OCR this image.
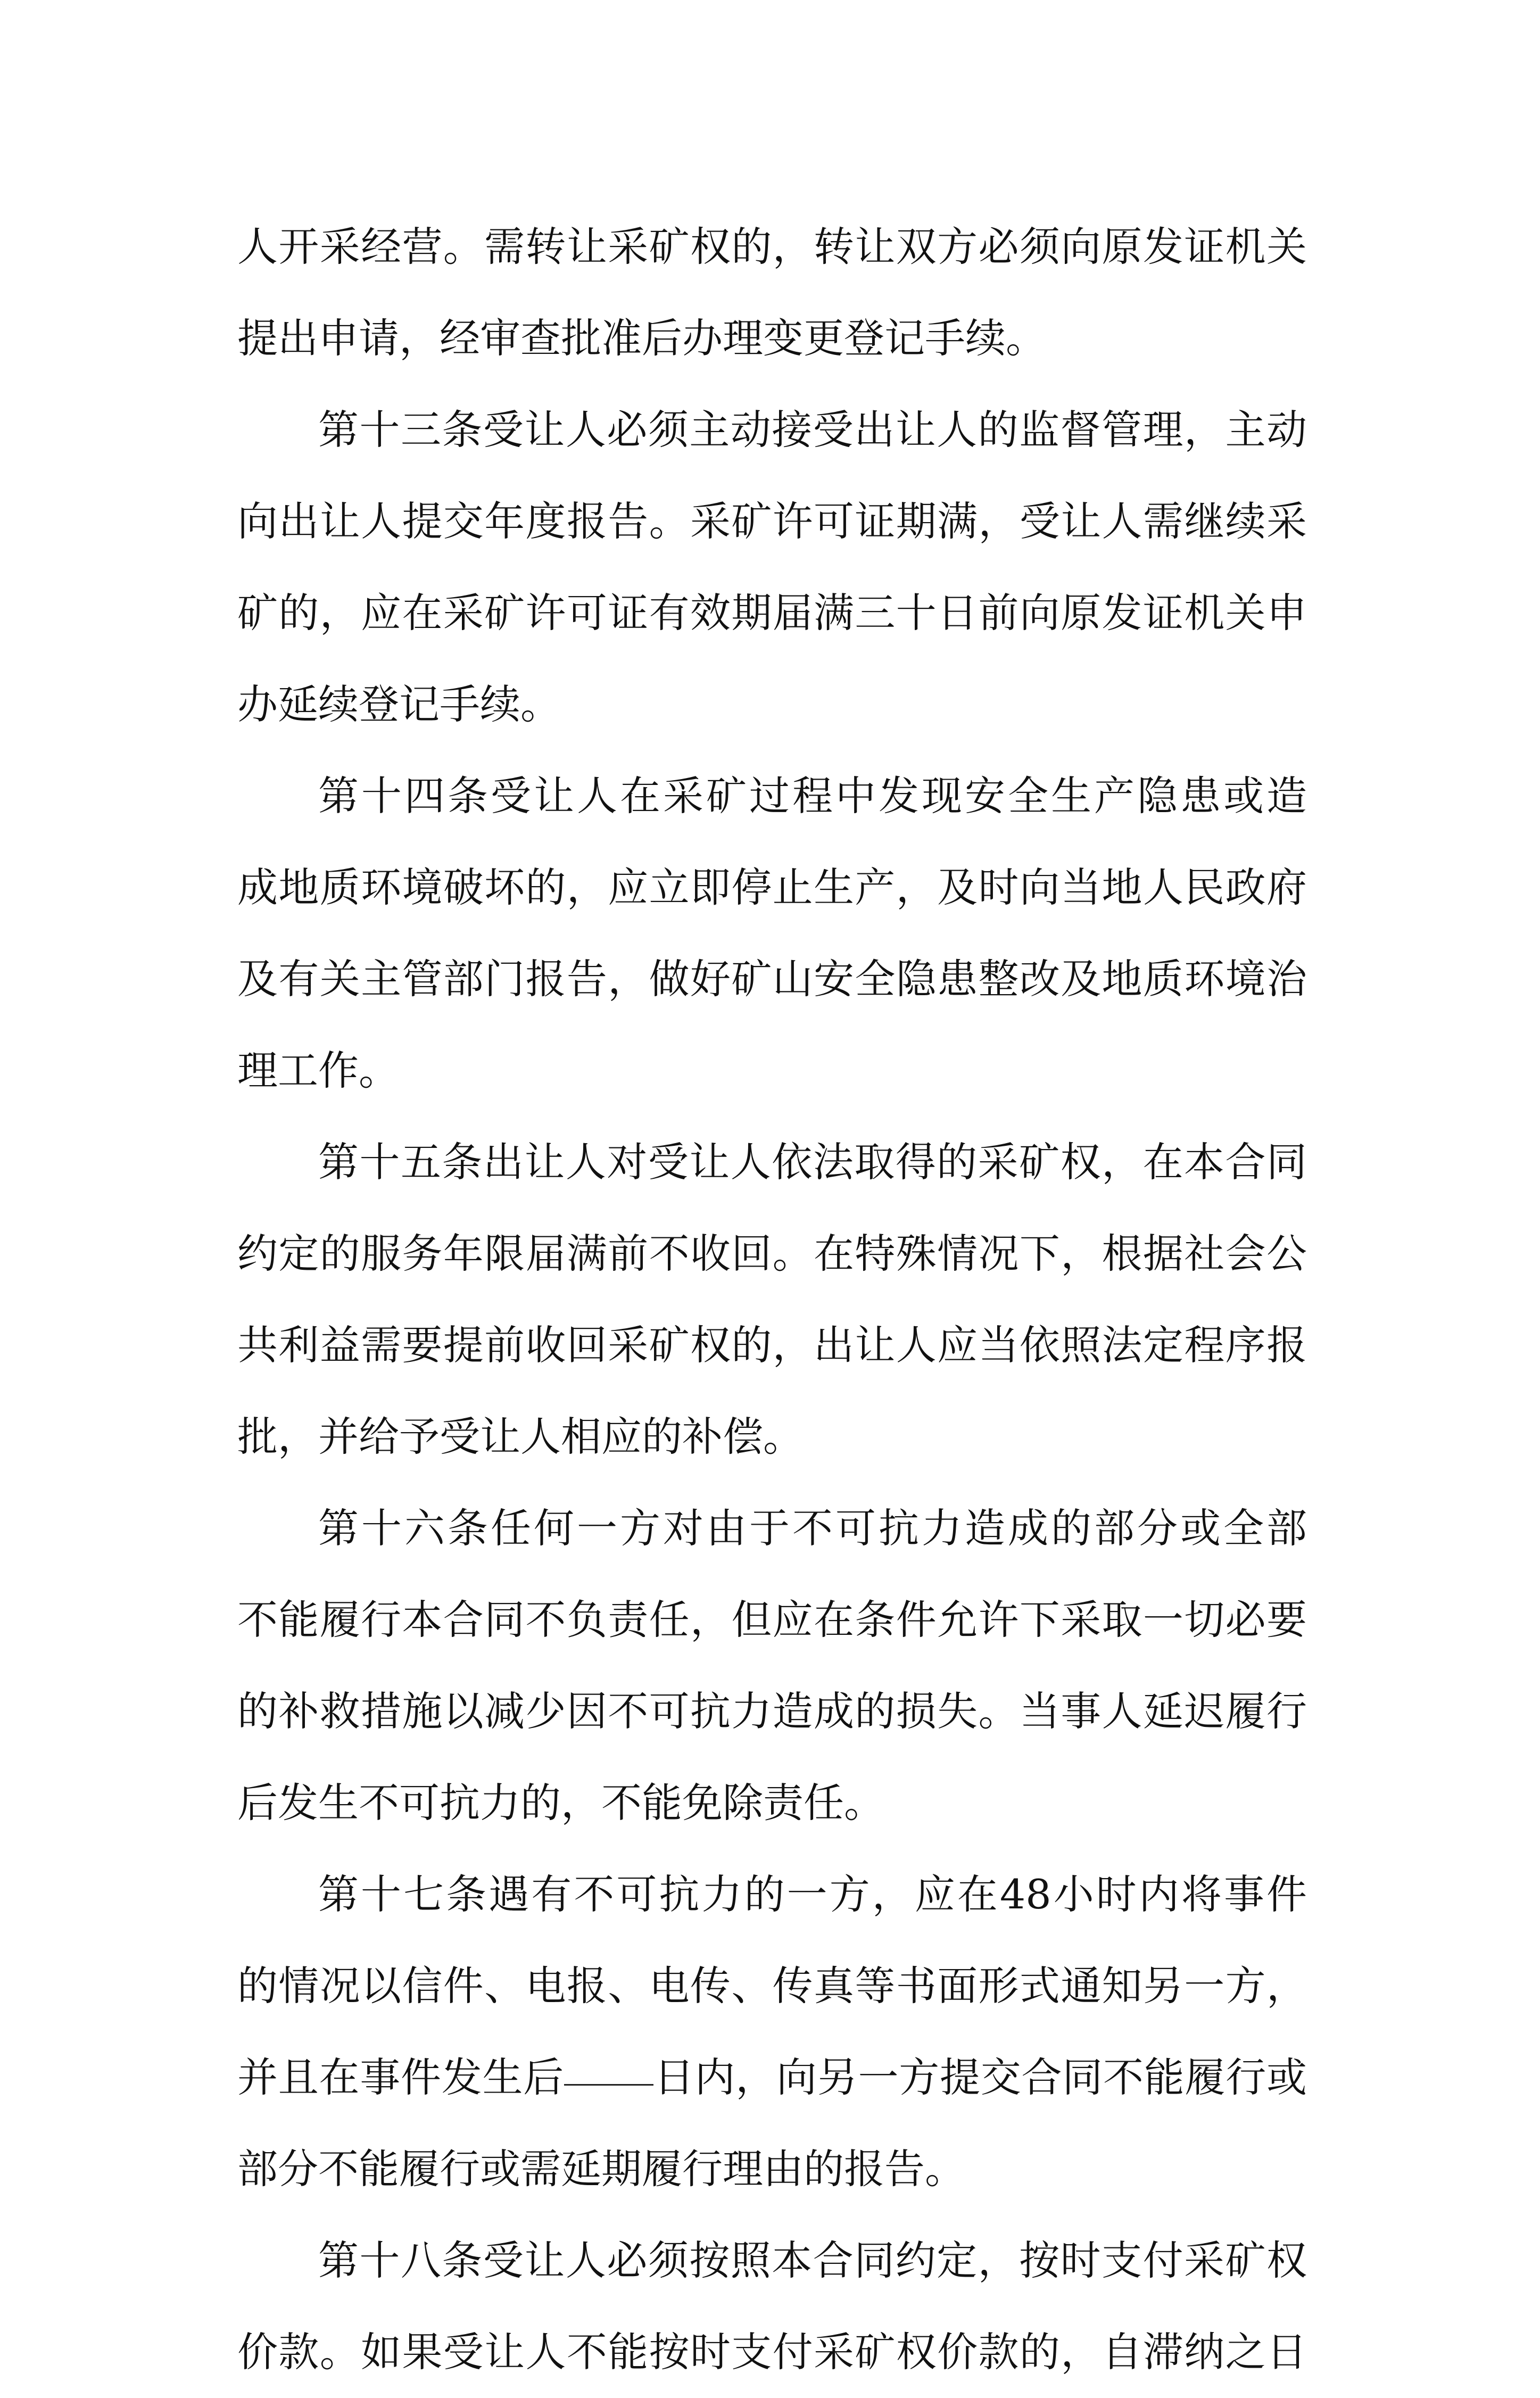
人开采经营。需转让采矿权的，转让双方必须向原发证机关
提出申请，经审查批准后办理变更登记手续。
第十三条受让人必须主动接受出让人的监督管理，主动
向出让人提交年度报告。采矿许可证期满，受让人需继续采
矿的，应在采矿许可证有效期届满三十日前向原发证机关申
办延续登记手续。
第十四条受让人在采矿过程中发现安全生产隐患或造
成地质环境破坏的，应立即停止生产，及时向当地人民政府
及有关主管部门报告，做好矿山安全隐患整改及地质环境治
理工作。
第十五条出让人对受让人依法取得的采矿权，在本合同
约定的服务年限届满前不收回。在特殊情况下，根据社会公
共利益需要提前收回采矿权的，出让人应当依照法定程序报
批，并给予受让人相应的补偿。
第十六条任何一方对由于不可抗力造成的部分或全部
不能履行本合同不负责任，但应在条件允许下采取一切必要
的补救措施以减少因不可抗力造成的损失。当事人延迟履行
后发生不可抗力的，不能免除责任。
第十七条遇有不可抗力的一方，应在48小时内将事件
的情况以信件、电报、电传、传真等书面形式通知另一方，
并且在事件发生后 日内，向另一方提交合同不能履行或
部分不能履行或需延期履行理由的报告。
第十八条受让人必须按照本合同约定，按时支付采矿权
价款。如果受让人不能按时支付采矿权价款的，自滞纳之日
